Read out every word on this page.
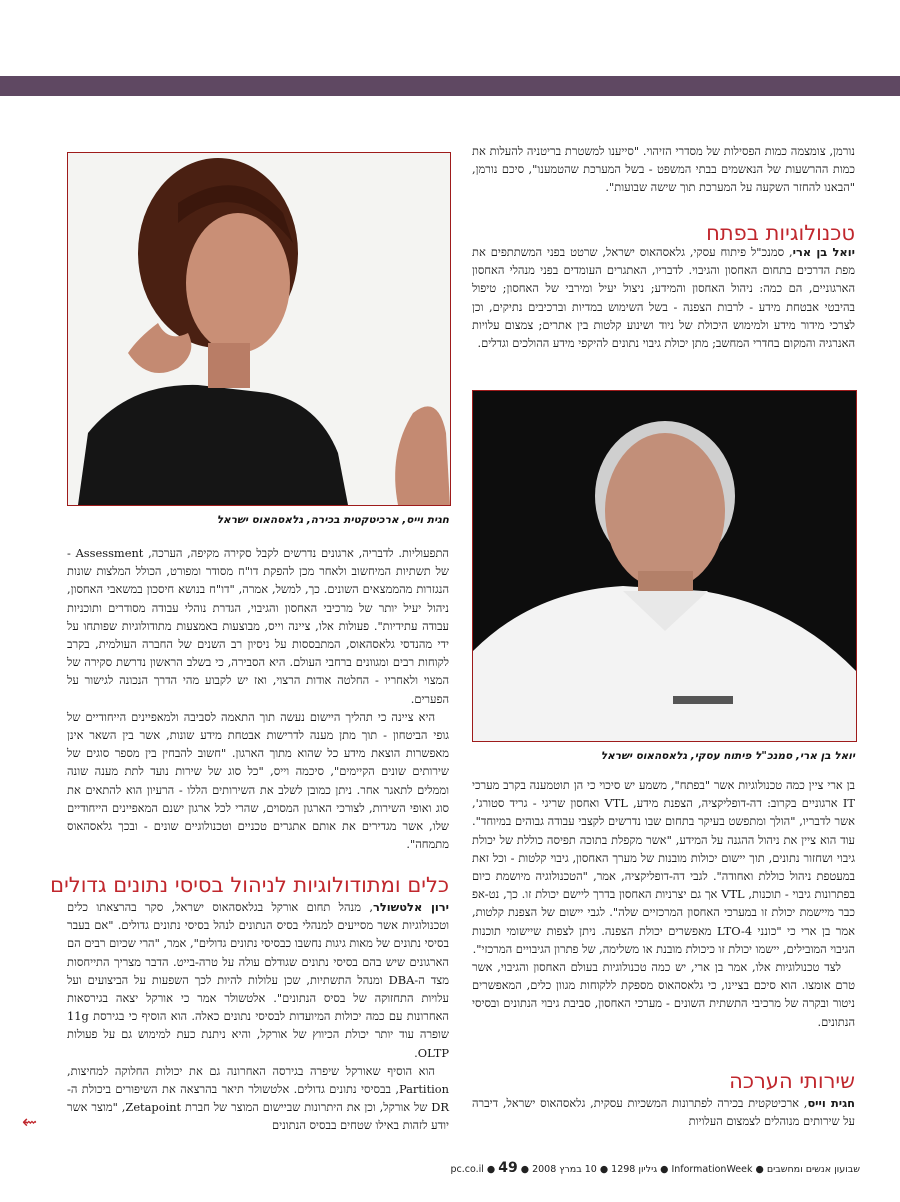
חגית וייס, ארכיטקטית בכירה, גלאסהאוס ישראל
יואל בן ארי, סמנכ"ל פיתוח עסקי, גלאסהאוס ישראל

נורמן, צומצמה כמות הפסילות של מסדרי הזיהוי. "סייענו למשטרת בריטניה להעלות את כמות ההרשעות של הנאשמים בבתי המשפט - בשל המערכת שהטמענו", סיכם נורמן, "הבאנו להחזר השקעה על המערכת תוך שישה שבועות".

טכנולוגיות בפתח

יואל בן ארי, סמנכ"ל פיתוח עסקי, גלאסהאוס ישראל, שרטט בפני המשתתפים את מפת הדרכים בתחום האחסון והגיבוי. לדבריו, האתגרים העומדים בפני מנהלי האחסון הארגוניים, הם כמה: ניהול האחסון והמידע; ניצול יעיל ומירבי של האחסון; טיפול בהיבטי אבטחת מידע - לרבות הצפנה - בשל השימוש במדיות וברכיבים נתיקים, וכן לצרכי מידור מידע ולמימוש היכולת של ניוד ושינוע קלטות בין אתרים; צמצום עלויות האנרגיה והמקום בחדרי המחשב; מתן יכולת גיבוי נתונים להיקפי מידע ההולכים וגדלים.

בן ארי ציין כמה טכנולוגיות אשר "בפתח", משמע יש סיכוי כי הן תוטמענה בקרב מערכי IT ארגוניים בקרוב: דה-דופליקציה, הצפנת מידע, VTL ואחסון שריגי - גריד סטורג', אשר לדבריו, "הולך ומתפשט בעיקר בתחום שבו נדרשים לקצבי עבודה גבוהים במיוחד". עוד הוא ציין את ניהול ההגנה על המידע, "אשר מקפלת בתוכה תפיסה כוללת של יכולת גיבוי ושחזור נתונים, תוך יישום יכולות מובנות של מערך האחסון, גיבוי קלטות - וכל זאת במעטפת ניהול כוללת ואחודה". לגבי דה-דופליקציה, אמר, "הטכנולוגיה מיושמת כיום בפתרונות גיבוי - תוכנות, VTL אך גם יצרניות האחסון בדרך ליישם יכולת זו. כך, נט-אפ כבר מיישמת יכולת זו במערכי האחסון המרכזיים שלה". לגבי יישום של הצפנת קלטות, אמר בן ארי כי "כונני LTO-4 מאפשרים יכולת הצפנה. ניתן לצפות שיישומי תוכנות הגיבוי המובילים, יישמו יכולת זו כיכולת מובנת או משלימה, של פתרון הגיבויים המרכזי".

לצד טכנולוגיות אלו, אמר בן ארי, יש כמה טכנולוגיות בעולם האחסון והגיבוי, אשר טרם אומצו. הוא סיכם בציינו, כי גלאסהאוס מספקת ללקוחות מגוון כלים, המאפשרים ניטור ובקרה של מרכיבי התשתית השונים - מערכי האחסון, סביבת גיבוי הנתונים ובסיסי הנתונים.

שירותי הערכה

חגית וייס, ארכיטקטית בכירה לפתרונות המשכיות עסקית, גלאסהאוס ישראל, דיברה על שירותים מנוהלים לצמצום העלויות

התפעוליות. לדבריה, ארגונים נדרשים לקבל סקירה מקיפה, הערכה, Assessment - של תשתיות המיחשוב ולאחר מכן להפקת דו"ח מסודר ומפורט, הכולל המלצות שונות הנגזרות מהממצאים השונים. כך, למשל, אמרה, "דו"ח בנושא חיסכון במשאבי האחסון, ניהול יעיל יותר של מרכיבי האחסון והגיבוי, הגדרת נוהלי עבודה מסודרים ותוכניות עבודה עתידיות". פעולות אלו, ציינה וייס, מבוצעות באמצעות מתודולוגיות שפותחו על ידי מהנדסי גלאסהאוס, המתבססות על ניסיון רב השנים של החברה העולמית, בקרב לקוחות רבים ומגוונים ברחבי העולם. היא הסבירה, כי בשלב הראשון נדרשת סקירה של המצוי ולאחריו - החלטה אודות הרצוי, ואז יש לקבוע מהי הדרך הנכונה לגישור על הפערים.

היא ציינה כי תהליך היישום נעשה תוך התאמה לסביבה ולמאפיינים הייחודיים של גופי הביטחון - תוך מתן מענה לדרישות אבטחת מידע שונות, אשר בין השאר אינן מאפשרות הוצאת מידע כל שהוא מתוך הארגון. "חשוב להבחין בין מספר סוגים של שירותים שונים הקיימים", סיכמה וייס, "כל סוג של שירות נועד לתת מענה שונה וממלים לתאגר אחר. ניתן כמובן לשלב את השירותים הללו - הרעיון הוא להתאים את סוג ואופי השירות, לצורכי הארגון המסוים, שהרי לכל ארגון ישנם המאפיינים הייחודיים שלו, אשר מגדירים את אותם אתגרים טכניים וטכנולוגיים שונים - ובכך גלאסהאוס מתמחה".

כלים ומתודולוגיות לניהול בסיסי נתונים גדולים

ירון אלטשולר, מנהל תחום אורקל בגלאסהאוס ישראל, סקר בהרצאתו כלים וטכנולוגיות אשר מסייעים למנהלי בסיס הנתונים לנהל בסיסי נתונים גדולים. "אם בעבר בסיסי נתונים של מאות גיגות נחשבו כבסיסי נתונים גדולים", אמר, "הרי שכיום רבים הם הארגונים שיש בהם בסיסי נתונים שגודלם עולה על טרה-בייט. הדבר מצריך התייחסות מצד ה-DBA ומנהל התשתיות, שכן עלולות להיות לכך השפעות על הביצועים ועל עלויות התחזוקה של בסיס הנתונים". אלטשולר אמר כי אורקל יצאה בגירסאות האחרונות עם כמה יכולות המיועדות לבסיסי נתונים כאלה. הוא הוסיף כי בגירסת 11g שופרה עוד יותר יכולת הכיווץ של אורקל, והיא ניתנת כעת למימוש גם על פעולות OLTP.

הוא הוסיף שאורקל שיפרה בגירסה האחרונה גם את יכולות החלוקה למחיצות, Partition, בבסיסי נתונים גדולים. אלטשולר תיאר בהרצאה את השיפורים ביכולת ה-DR של אורקל, וכן את היתרונות שביישום המוצר של חברת Zetapoint, "מוצר אשר יודע לזהות באילו שטחים בבסיס הנתונים

⇜
שבועון אנשים ומחשבים ● InformationWeek ● גיליון 1298 ● 10 במרץ 2008 ● pc.co.il ● 49
